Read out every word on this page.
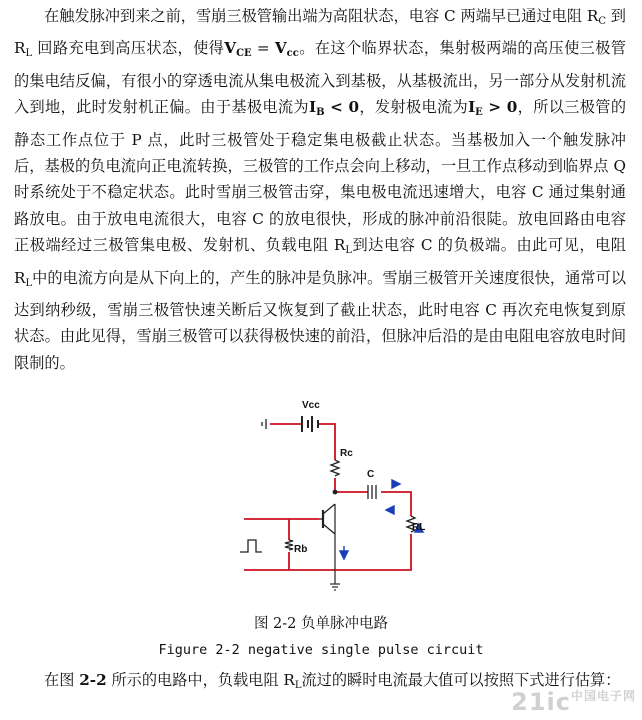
在触发脉冲到来之前，雪崩三极管输出端为高阻状态，电容 C 两端早已通过电阻 $R_C$ 到 $R_L$ 回路充电到高压状态，使得VCE = Vcc。在这个临界状态，集射极两端的高压使三极管的集电结反偏，有很小的穿透电流从集电极流入到基极，从基极流出，另一部分从发射机流入到地，此时发射机正偏。由于基极电流为IB < 0，发射极电流为IE > 0，所以三极管的静态工作点位于 P 点，此时三极管处于稳定集电极截止状态。当基极加入一个触发脉冲后，基极的负电流向正电流转换，三极管的工作点会向上移动，一旦工作点移动到临界点 Q 时系统处于不稳定状态。此时雪崩三极管击穿，集电极电流迅速增大，电容 C 通过集射通路放电。由于放电电流很大，电容 C 的放电很快，形成的脉冲前沿很陡。放电回路由电容正极端经过三极管集电极、发射机、负载电阻 $R_L$到达电容 C 的负极端。由此可见，电阻 $R_L$中的电流方向是从下向上的，产生的脉冲是负脉冲。雪崩三极管开关速度很快，通常可以达到纳秒级，雪崩三极管快速关断后又恢复到了截止状态，此时电容 C 再次充电恢复到原状态。由此见得，雪崩三极管可以获得极快速的前沿，但脉冲后沿的是由电阻电容放电时间限制的。

Vcc
Rc
C
RL
Rb
图 2-2 负单脉冲电路
Figure 2-2 negative single pulse circuit

在图 2-2 所示的电路中，负载电阻 $R_L$流过的瞬时电流最大值可以按照下式进行估算：

$21ic^{中国电子网}$
